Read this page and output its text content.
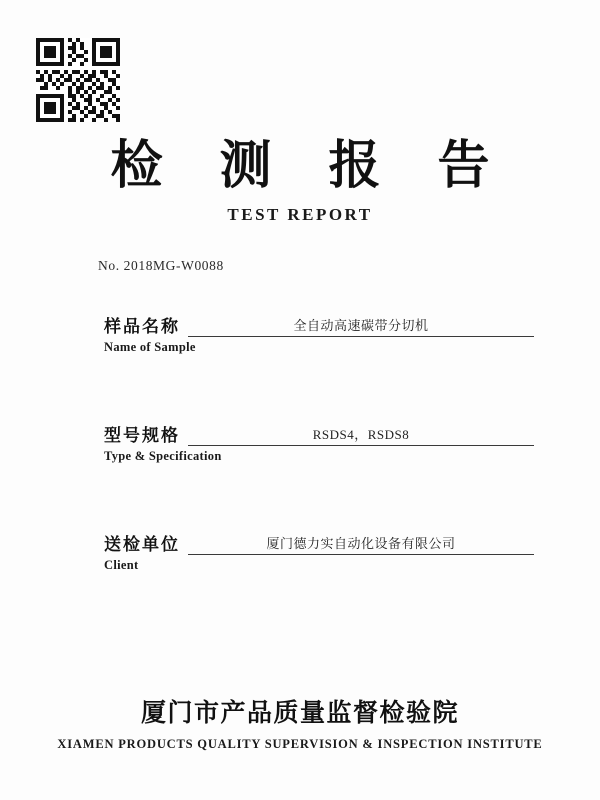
检 测 报 告
TEST REPORT
No. 2018MG-W0088
样品名称	全自动高速碳带分切机
Name of Sample
型号规格	RSDS4，RSDS8
Type & Specification
送检单位	厦门德力实自动化设备有限公司
Client
厦门市产品质量监督检验院
XIAMEN PRODUCTS QUALITY SUPERVISION & INSPECTION INSTITUTE
